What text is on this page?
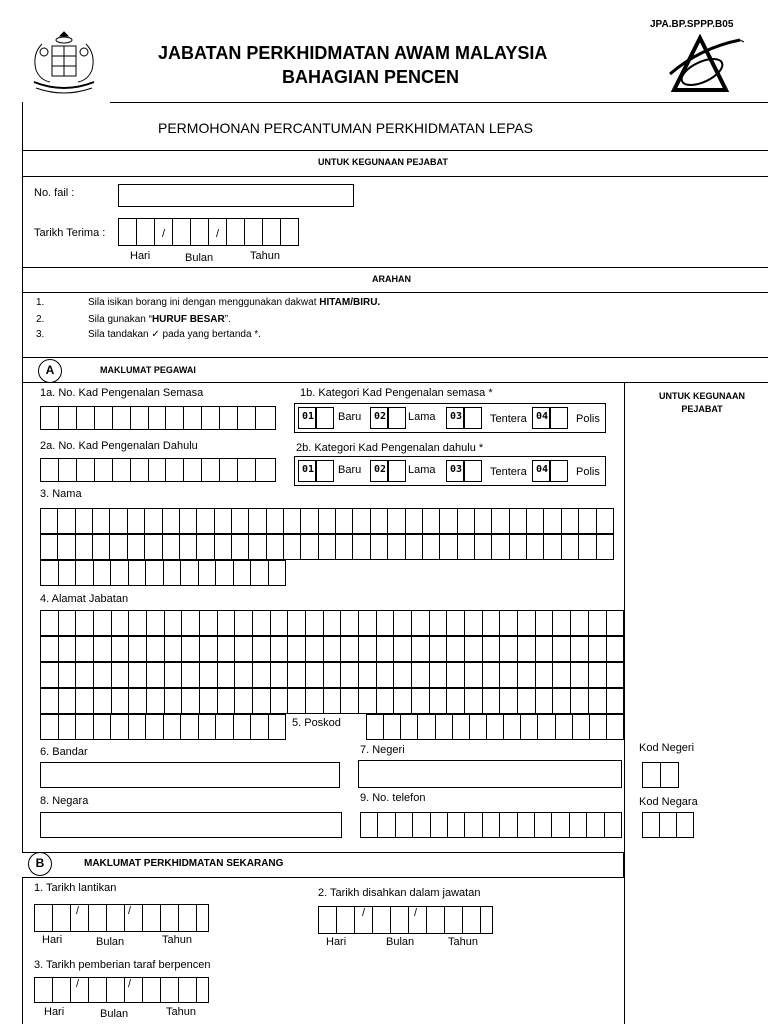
JPA.BP.SPPP.B05
JABATAN PERKHIDMATAN AWAM MALAYSIA
BAHAGIAN PENCEN
PERMOHONAN PERCANTUMAN PERKHIDMATAN LEPAS
UNTUK KEGUNAAN PEJABAT
No. fail :
Tarikh Terima :	/	/
Hari	Bulan	Tahun
ARAHAN
1.	Sila isikan borang ini dengan menggunakan dakwat HITAM/BIRU.
2.	Sila gunakan “HURUF BESAR”.
3.	Sila tandakan ✓ pada yang bertanda *.
A	MAKLUMAT PEGAWAI
UNTUK KEGUNAAN PEJABAT
1a. No. Kad Pengenalan Semasa	1b. Kategori Kad Pengenalan semasa *
01 Baru	02 Lama	03	Tentera 04	Polis
2a. No. Kad Pengenalan Dahulu	2b. Kategori Kad Pengenalan dahulu *
01 Baru	02 Lama	03	Tentera 04	Polis
3. Nama
4. Alamat Jabatan
5. Poskod
6. Bandar	7. Negeri
8. Negara	9. No. telefon
Kod Negeri
Kod Negara
B	MAKLUMAT PERKHIDMATAN SEKARANG
1. Tarikh lantikan
/	/
Hari	Bulan	Tahun
2. Tarikh disahkan dalam jawatan
/	/
Hari	Bulan	Tahun
3. Tarikh pemberian taraf berpencen
/	/
Hari	Bulan	Tahun
